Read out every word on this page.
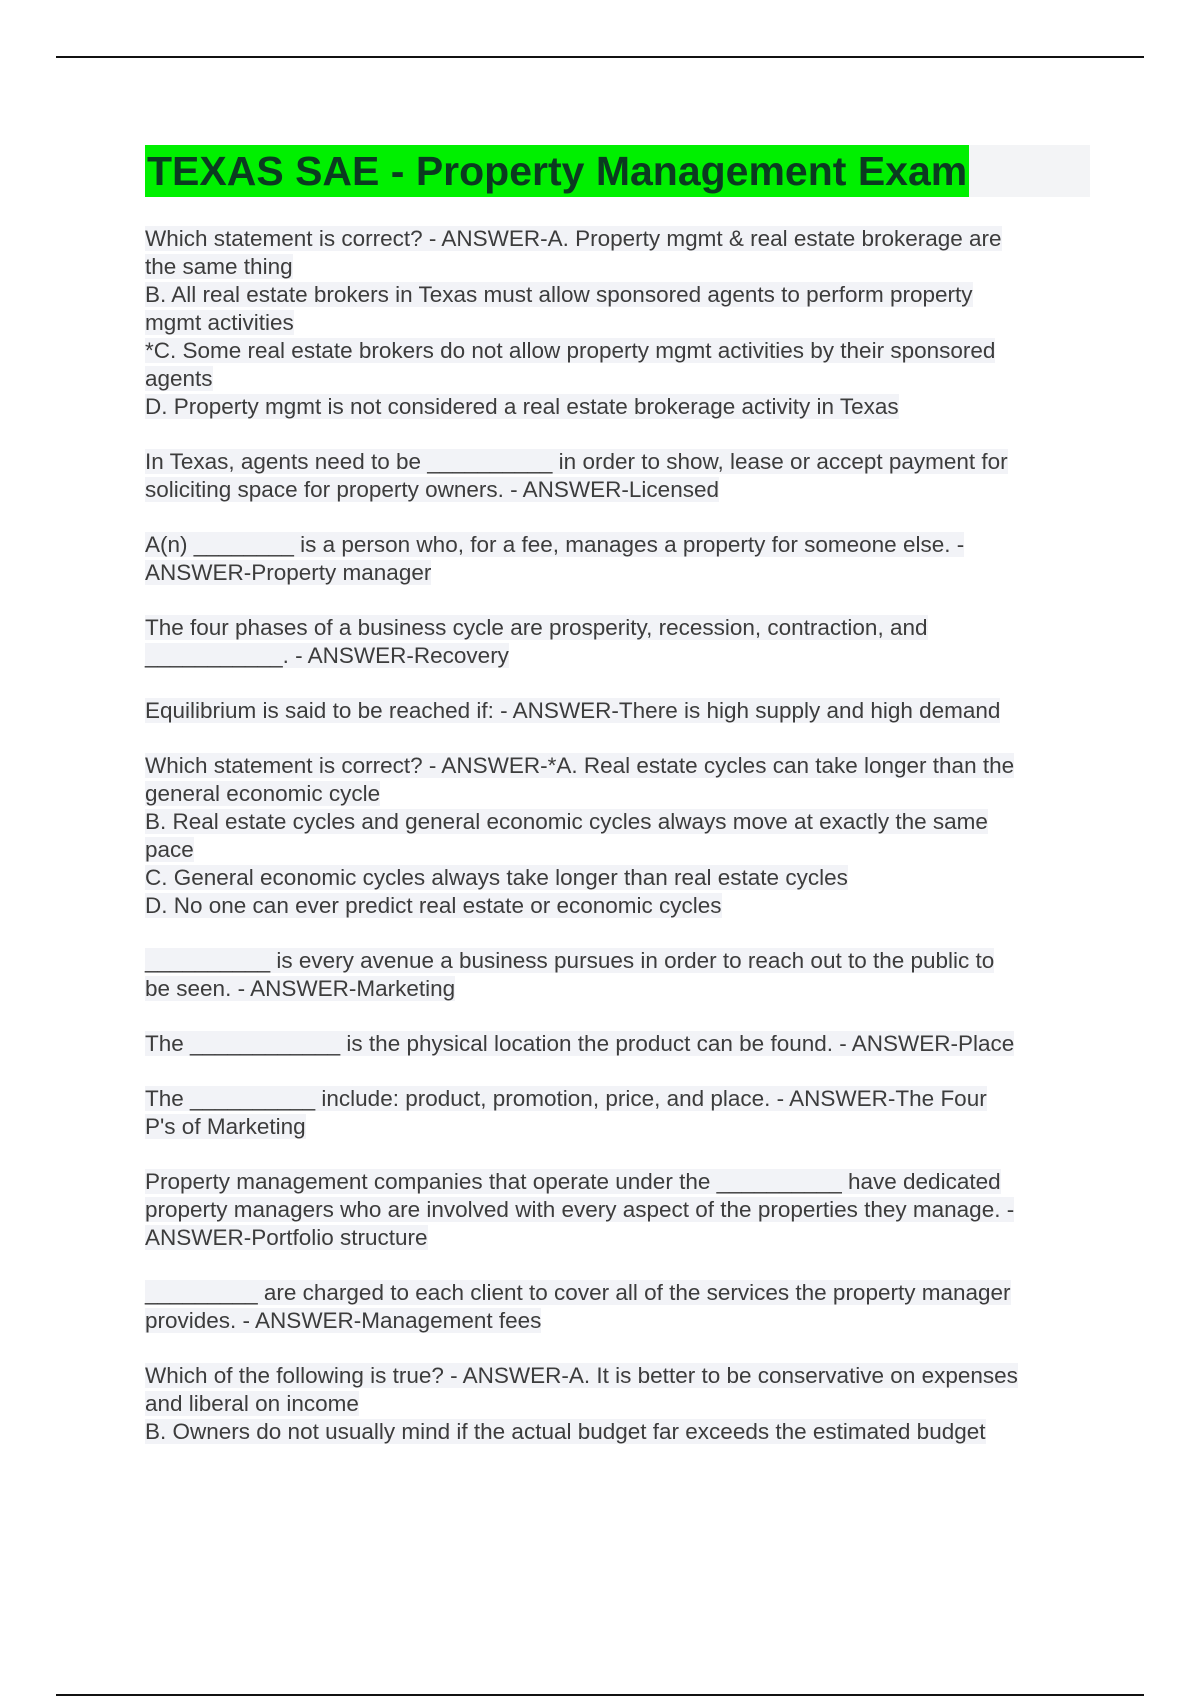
TEXAS SAE - Property Management Exam
Which statement is correct? - ANSWER-A. Property mgmt & real estate brokerage are
the same thing
B. All real estate brokers in Texas must allow sponsored agents to perform property
mgmt activities
*C. Some real estate brokers do not allow property mgmt activities by their sponsored
agents
D. Property mgmt is not considered a real estate brokerage activity in Texas
In Texas, agents need to be __________ in order to show, lease or accept payment for
soliciting space for property owners. - ANSWER-Licensed
A(n) ________ is a person who, for a fee, manages a property for someone else. -
ANSWER-Property manager
The four phases of a business cycle are prosperity, recession, contraction, and
___________. - ANSWER-Recovery
Equilibrium is said to be reached if: - ANSWER-There is high supply and high demand
Which statement is correct? - ANSWER-*A. Real estate cycles can take longer than the
general economic cycle
B. Real estate cycles and general economic cycles always move at exactly the same
pace
C. General economic cycles always take longer than real estate cycles
D. No one can ever predict real estate or economic cycles
__________ is every avenue a business pursues in order to reach out to the public to
be seen. - ANSWER-Marketing
The ____________ is the physical location the product can be found. - ANSWER-Place
The __________ include: product, promotion, price, and place. - ANSWER-The Four
P's of Marketing
Property management companies that operate under the __________ have dedicated
property managers who are involved with every aspect of the properties they manage. -
ANSWER-Portfolio structure
_________ are charged to each client to cover all of the services the property manager
provides. - ANSWER-Management fees
Which of the following is true? - ANSWER-A. It is better to be conservative on expenses
and liberal on income
B. Owners do not usually mind if the actual budget far exceeds the estimated budget
